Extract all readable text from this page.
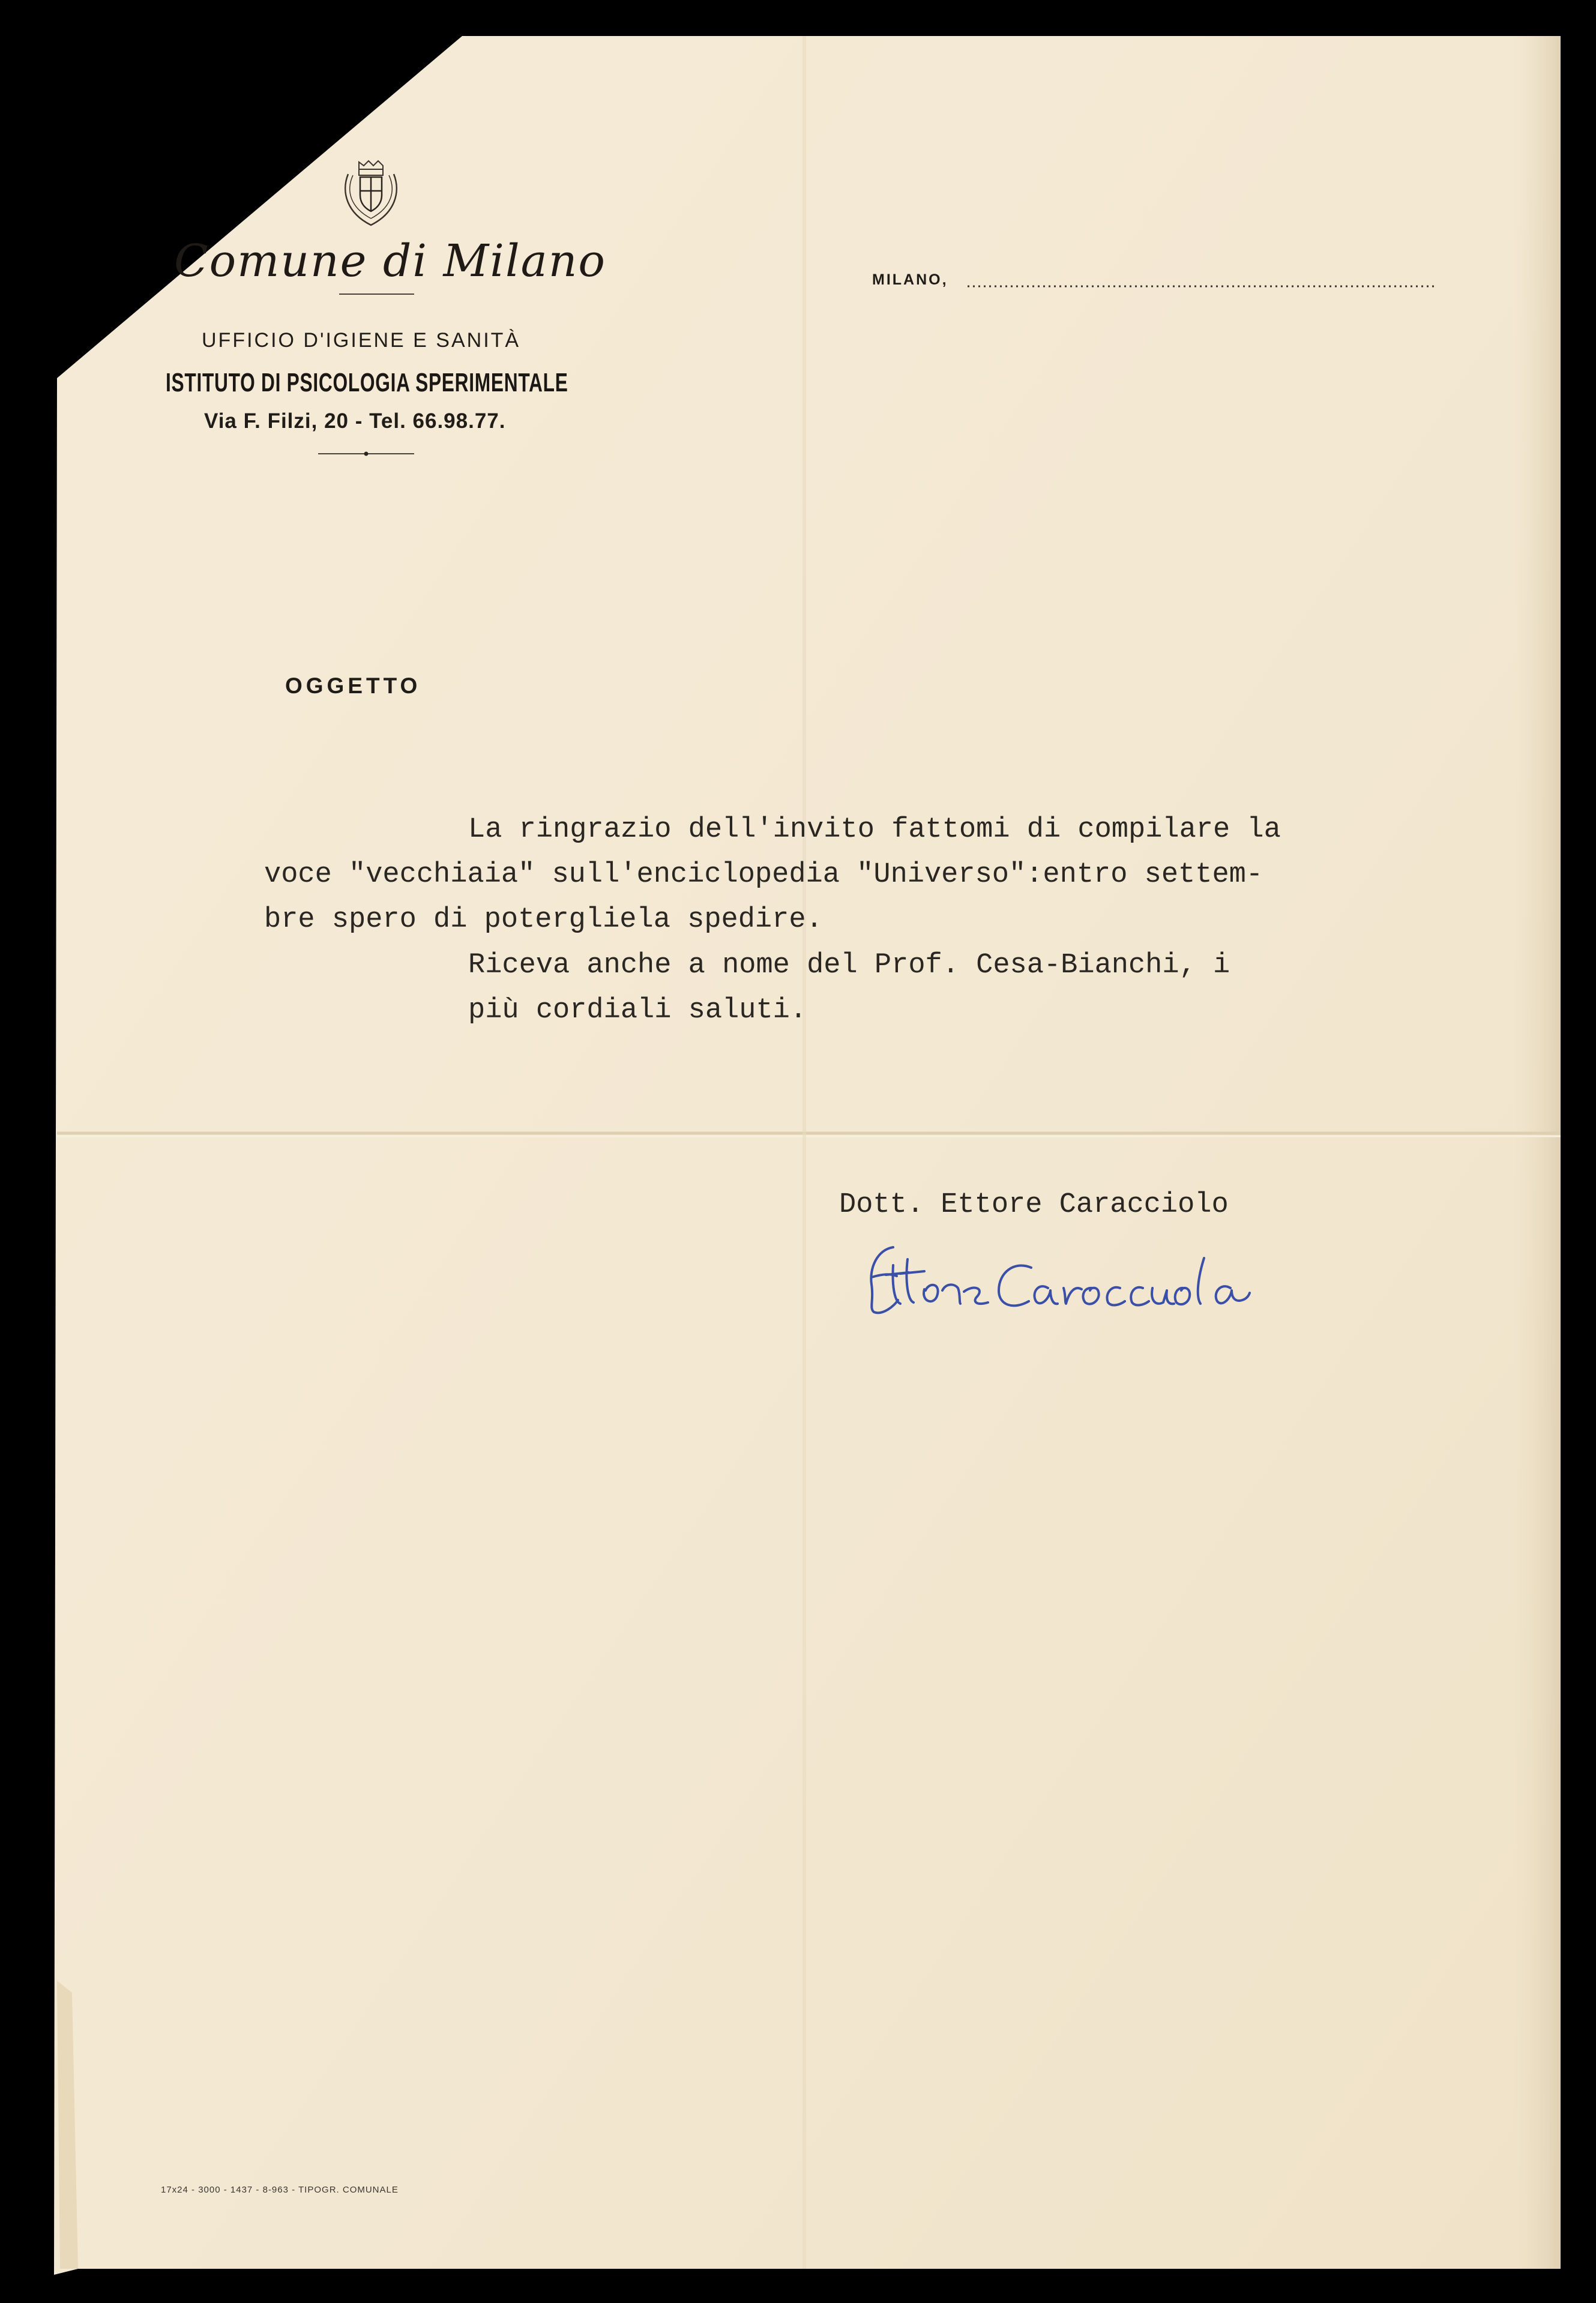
Comune di Milano
UFFICIO D'IGIENE E SANITÀ
ISTITUTO DI PSICOLOGIA SPERIMENTALE
Via F. Filzi, 20 - Tel. 66.98.77.
MILANO,
OGGETTO
La ringrazio dell'invito fattomi di compilare la
voce "vecchiaia" sull'enciclopedia "Universo":entro settem-
bre spero di potergliela spedire.
Riceva anche a nome del Prof. Cesa-Bianchi, i
più cordiali saluti.
Dott. Ettore Caracciolo
17x24 - 3000 - 1437 - 8-963 - TIPOGR. COMUNALE
